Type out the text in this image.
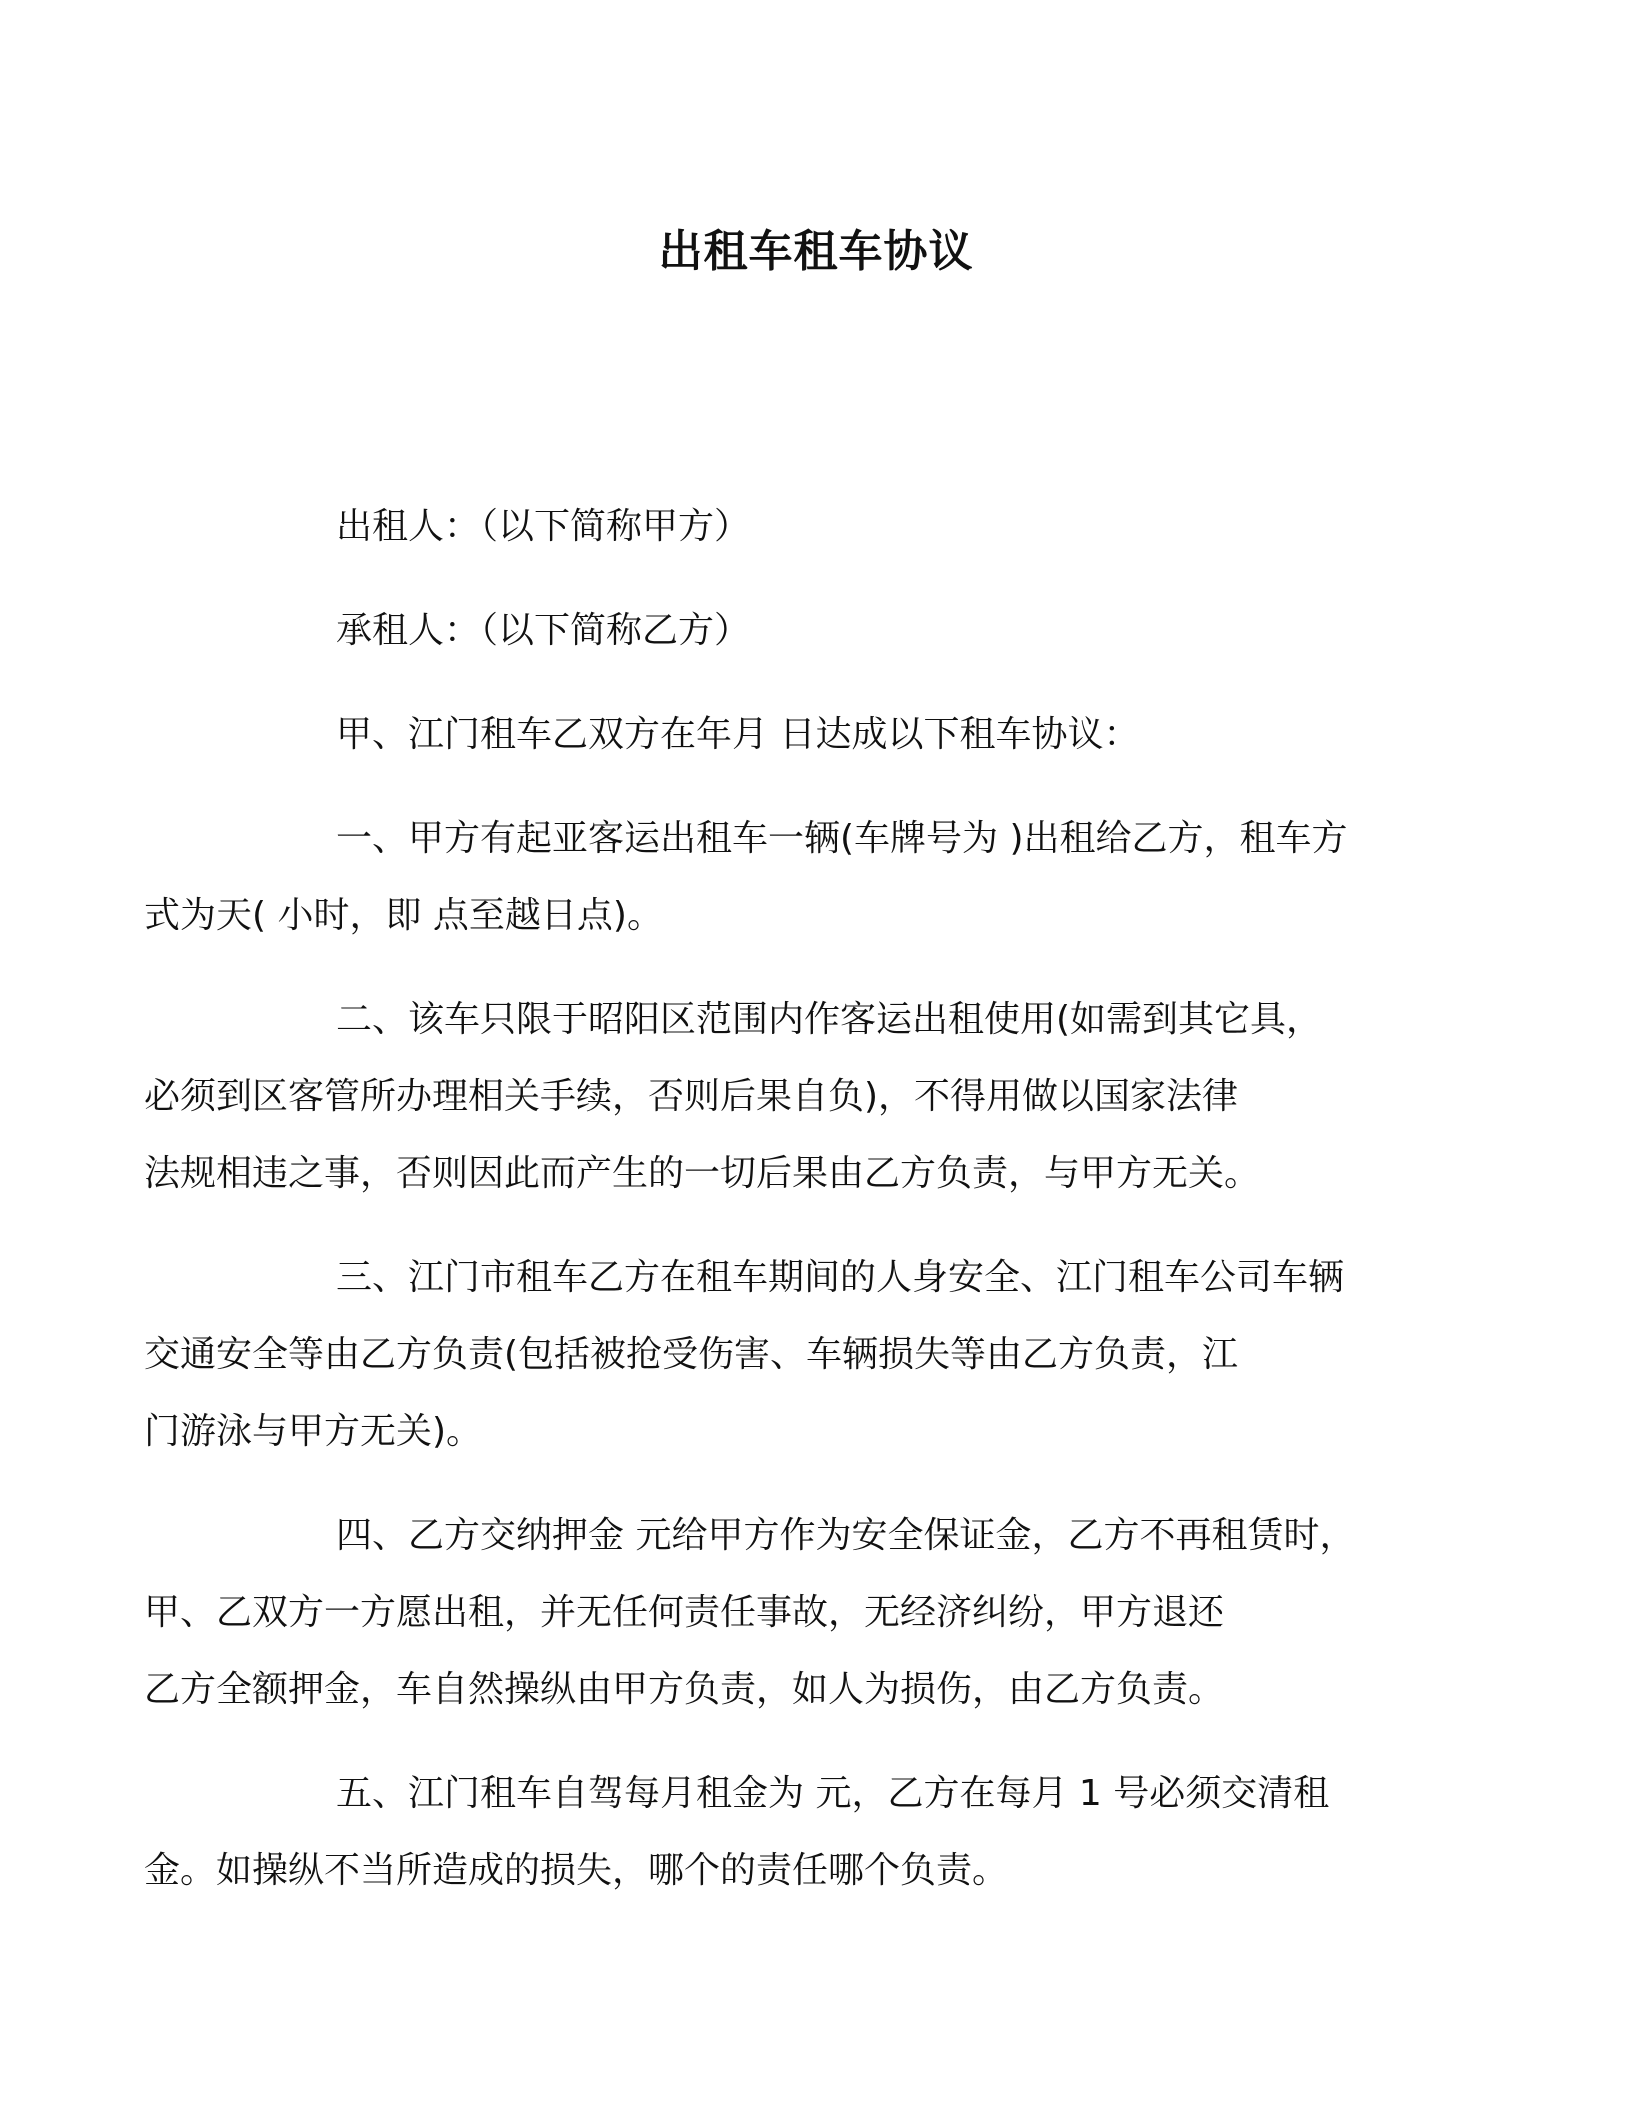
出租车租车协议

出租人：（以下简称甲方）

承租人：（以下简称乙方）

甲、江门租车乙双方在年月 日达成以下租车协议：

一、甲方有起亚客运出租车一辆(车牌号为 )出租给乙方，租车方
式为天( 小时，即 点至越日点)。

二、该车只限于昭阳区范围内作客运出租使用(如需到其它具，
必须到区客管所办理相关手续，否则后果自负)，不得用做以国家法律
法规相违之事，否则因此而产生的一切后果由乙方负责，与甲方无关。

三、江门市租车乙方在租车期间的人身安全、江门租车公司车辆
交通安全等由乙方负责(包括被抢受伤害、车辆损失等由乙方负责，江
门游泳与甲方无关)。

四、乙方交纳押金 元给甲方作为安全保证金，乙方不再租赁时，
甲、乙双方一方愿出租，并无任何责任事故，无经济纠纷，甲方退还
乙方全额押金，车自然操纵由甲方负责，如人为损伤，由乙方负责。

五、江门租车自驾每月租金为 元，乙方在每月 1 号必须交清租
金。如操纵不当所造成的损失，哪个的责任哪个负责。
